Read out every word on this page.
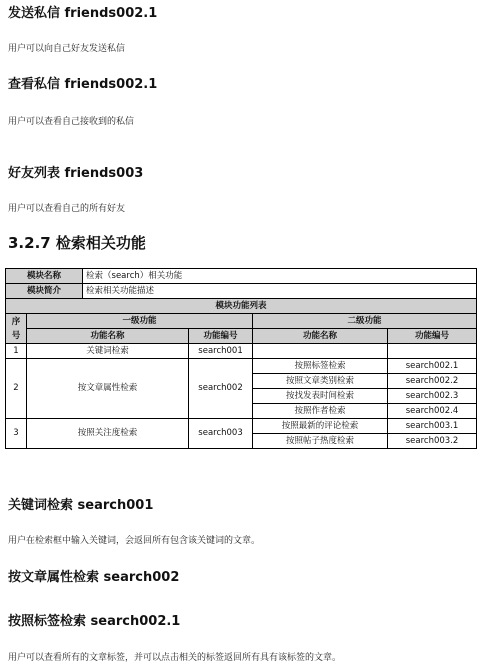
发送私信 friends002.1
用户可以向自己好友发送私信
查看私信 friends002.1
用户可以查看自己接收到的私信
好友列表 friends003
用户可以查看自己的所有好友
3.2.7 检索相关功能
模块名称		检索（search）相关功能			
模块简介		检索相关功能描述			
模块功能列表					
序号	一级功能			二级功能	
	功能名称		功能编号	功能名称	功能编号
1	关键词检索		search001		
2	按文章属性检索		search002	按照标签检索	search002.1
				按照文章类别检索	search002.2
				按找发表时间检索	search002.3
				按照作者检索	search002.4
3	按照关注度检索		search003	按照最新的评论检索	search003.1
				按照帖子热度检索	search003.2
关键词检索 search001
用户在检索框中输入关键词，会返回所有包含该关键词的文章。
按文章属性检索 search002
按照标签检索 search002.1
用户可以查看所有的文章标签，并可以点击相关的标签返回所有具有该标签的文章。
